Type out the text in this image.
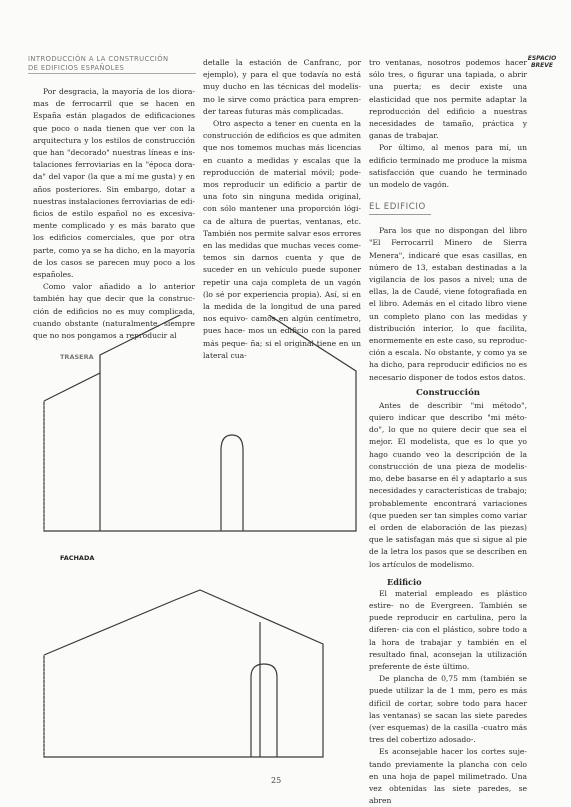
INTRODUCCIÓN A LA CONSTRUCCIÓN
DE EDIFICIOS ESPAÑOLES
ESPACIO
BREVE

Por desgracia, la mayoría de los diora- mas de ferrocarril que se hacen en España están plagados de edificaciones que poco o nada tienen que ver con la arquitectura y los estilos de construcción que han "decorado" nuestras líneas e ins- talaciones ferroviarias en la "época dora- da" del vapor (la que a mí me gusta) y en años posteriores. Sin embargo, dotar a nuestras instalaciones ferroviarias de edi- ficios de estilo español no es excesiva- mente complicado y es más barato que los edificios comerciales, que por otra parte, como ya se ha dicho, en la mayoría de los casos se parecen muy poco a los españoles.

Como valor añadido a lo anterior también hay que decir que la construc- ción de edificios no es muy complicada, cuando obstante (naturalmente, siempre que no nos pongamos a reproducir al

detalle la estación de Canfranc, por ejemplo), y para el que todavía no está muy ducho en las técnicas del modelis- mo le sirve como práctica para empren- der tareas futuras más complicadas.

Otro aspecto a tener en cuenta en la construcción de edificios es que admiten que nos tomemos muchas más licencias en cuanto a medidas y escalas que la reproducción de material móvil; pode- mos reproducir un edificio a partir de una foto sin ninguna medida original, con sólo mantener una proporción lógi- ca de altura de puertas, ventanas, etc. También nos permite salvar esos errores en las medidas que muchas veces come- temos sin darnos cuenta y que de suceder en un vehículo puede suponer repetir una caja completa de un vagón (lo sé por experiencia propia). Así, si en la medida de la longitud de una pared nos equivo- camos en algún centímetro, pues hace- mos un edificio con la pared más peque- ña; si el original tiene en un lateral cua-

tro ventanas, nosotros podemos hacer sólo tres, o figurar una tapiada, o abrir una puerta; es decir existe una elasticidad que nos permite adaptar la reproducción del edificio a nuestras necesidades de tamaño, práctica y ganas de trabajar.

Por último, al menos para mí, un edificio terminado me produce la misma satisfacción que cuando he terminado un modelo de vagón.

EL EDIFICIO

Para los que no dispongan del libro "El Ferrocarril Minero de Sierra Menera", indicaré que esas casillas, en número de 13, estaban destinadas a la vigilancia de los pasos a nivel; una de ellas, la de Caudé, viene fotografiada en el libro. Además en el citado libro viene un completo plano con las medidas y distribución interior, lo que facilita, enormemente en este caso, su reproduc- ción a escala. No obstante, y como ya se ha dicho, para reproducir edificios no es necesario disponer de todos estos datos.

Construcción

Antes de describir "mi método", quiero indicar que describo "mi méto- do", lo que no quiere decir que sea el mejor. El modelista, que es lo que yo hago cuando veo la descripción de la construcción de una pieza de modelis- mo, debe basarse en él y adaptarlo a sus necesidades y características de trabajo; probablemente encontrará variaciones (que pueden ser tan simples como variar el orden de elaboración de las piezas) que le satisfagan más que si sigue al pie de la letra los pasos que se describen en los artículos de modelismo.

Edificio

El material empleado es plástico estire- no de Evergreen. También se puede reproducir en cartulina, pero la diferen- cia con el plástico, sobre todo a la hora de trabajar y también en el resultado final, aconsejan la utilización preferente de éste último.

De plancha de 0,75 mm (también se puede utilizar la de 1 mm, pero es más difícil de cortar, sobre todo para hacer las ventanas) se sacan las siete paredes (ver esquemas) de la casilla -cuatro más tres del cobertizo adosado-.

Es aconsejable hacer los cortes suje- tando previamente la plancha con celo en una hoja de papel milimetrado. Una vez obtenidas las siete paredes, se abren

TRASERA
FACHADA
25
